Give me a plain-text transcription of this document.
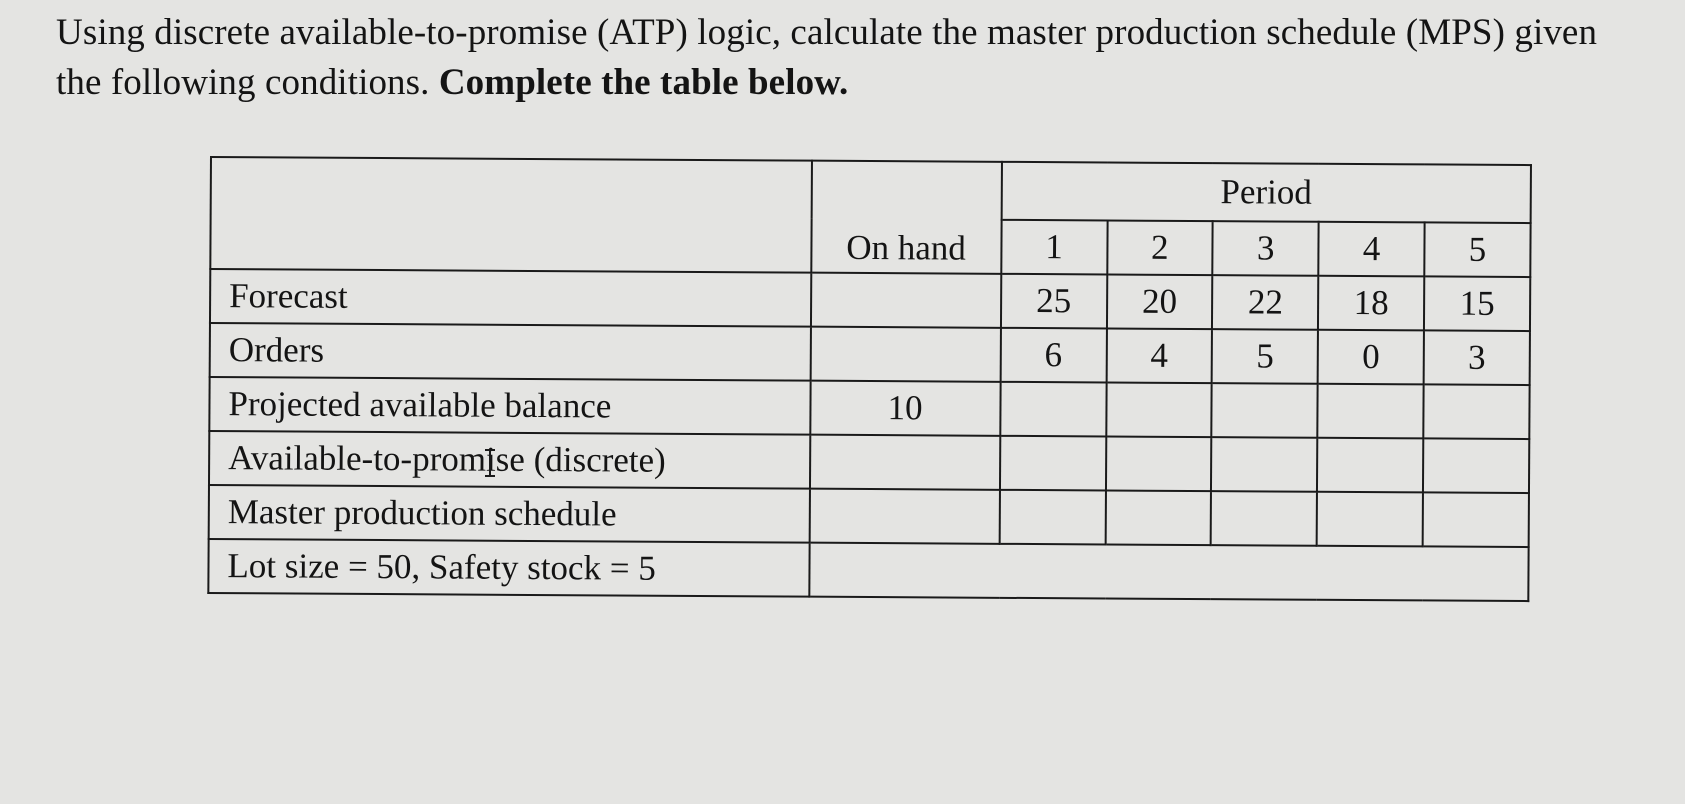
Using discrete available-to-promise (ATP) logic, calculate the master production schedule (MPS) given the following conditions. Complete the table below.
	On hand	Period				
		1	2	3	4	5
Forecast		25	20	22	18	15
Orders		6	4	5	0	3
Projected available balance	10					
Available-to-promise (discrete)						
Master production schedule						
Lot size = 50, Safety stock = 5						
